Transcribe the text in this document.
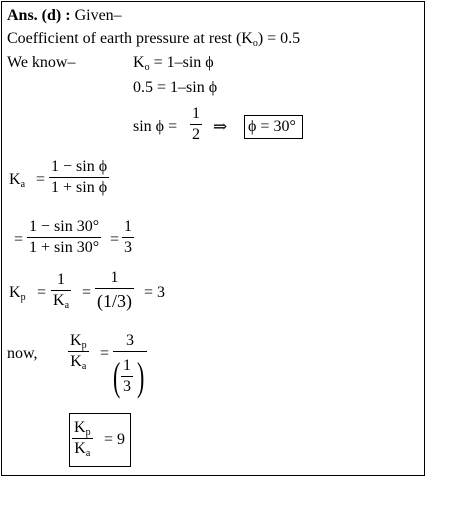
Ans. (d) : Given–
Coefficient of earth pressure at rest $(K_o) = 0.5$
We know–	$K_o = 1-\sin$ ϕ
0.5 = 1–sin ϕ
sin ϕ =
1
2 ⇒ ϕ = 30°
$K_a$ =
1 − sin ϕ
1 + sin ϕ
=
1 − sin 30°
1 + sin 30° =
1
3
$K_p$ =
1
$K_a$
=
1
(1/3) = 3
now,
$K_p$
$K_a$
=
3
( 1
3 )
$K_p$
$K_a$
= 9
